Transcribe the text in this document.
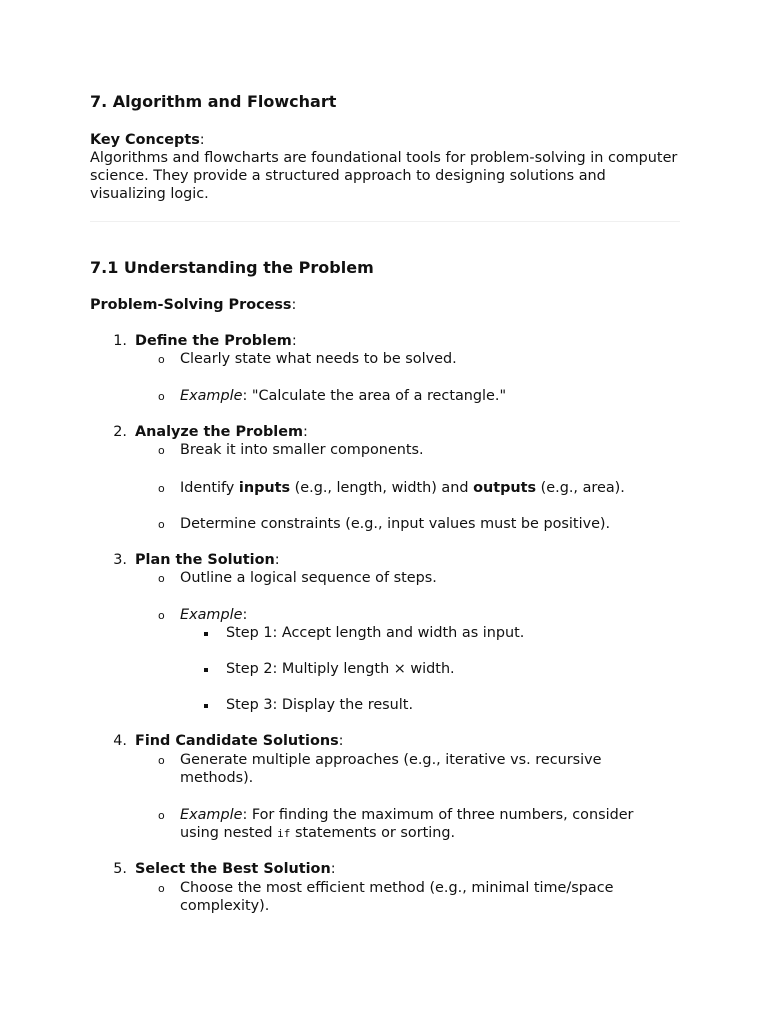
7. Algorithm and Flowchart
Key Concepts:

Algorithms and flowcharts are foundational tools for problem-solving in computer science. They provide a structured approach to designing solutions and visualizing logic.

7.1 Understanding the Problem
Problem-Solving Process:
1. Define the Problem:
o Clearly state what needs to be solved.
o Example: "Calculate the area of a rectangle."
2. Analyze the Problem:
o Break it into smaller components.
o Identify inputs (e.g., length, width) and outputs (e.g., area).
o Determine constraints (e.g., input values must be positive).
3. Plan the Solution:
o Outline a logical sequence of steps.
o Example:
Step 1: Accept length and width as input.
Step 2: Multiply length × width.
Step 3: Display the result.
4. Find Candidate Solutions:
o Generate multiple approaches (e.g., iterative vs. recursive
methods).
o Example: For finding the maximum of three numbers, consider
using nested if statements or sorting.
5. Select the Best Solution:
o Choose the most efficient method (e.g., minimal time/space
complexity).
